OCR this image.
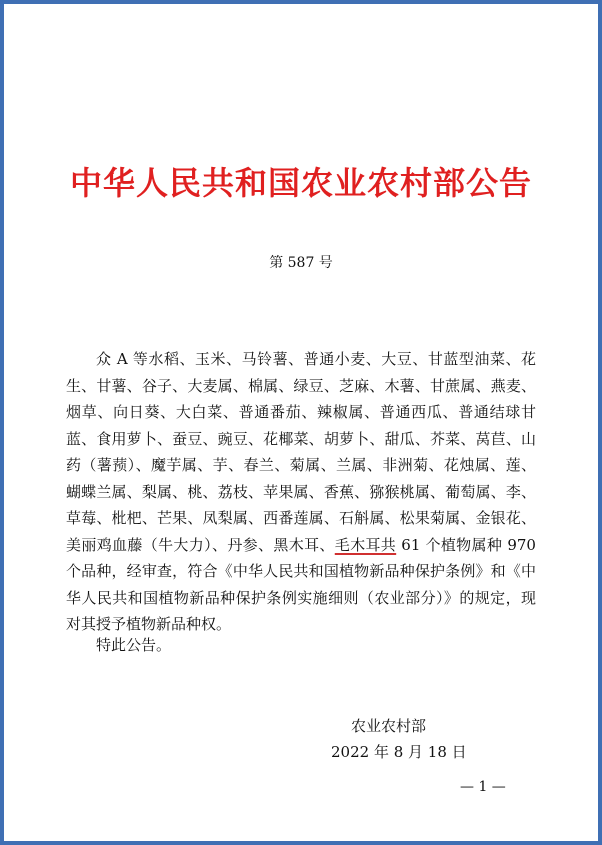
中华人民共和国农业农村部公告
第 587 号
众 A 等水稻、玉米、马铃薯、普通小麦、大豆、甘蓝型油菜、花生、甘薯、谷子、大麦属、棉属、绿豆、芝麻、木薯、甘蔗属、燕麦、烟草、向日葵、大白菜、普通番茄、辣椒属、普通西瓜、普通结球甘蓝、食用萝卜、蚕豆、豌豆、花椰菜、胡萝卜、甜瓜、芥菜、莴苣、山药（薯蓣）、魔芋属、芋、春兰、菊属、兰属、非洲菊、花烛属、莲、蝴蝶兰属、梨属、桃、荔枝、苹果属、香蕉、猕猴桃属、葡萄属、李、草莓、枇杷、芒果、凤梨属、西番莲属、石斛属、松果菊属、金银花、美丽鸡血藤（牛大力）、丹参、黑木耳、毛木耳共 61 个植物属种 970 个品种，经审查，符合《中华人民共和国植物新品种保护条例》和《中华人民共和国植物新品种保护条例实施细则（农业部分）》的规定，现对其授予植物新品种权。
特此公告。
农业农村部
2022 年 8 月 18 日
— 1 —
